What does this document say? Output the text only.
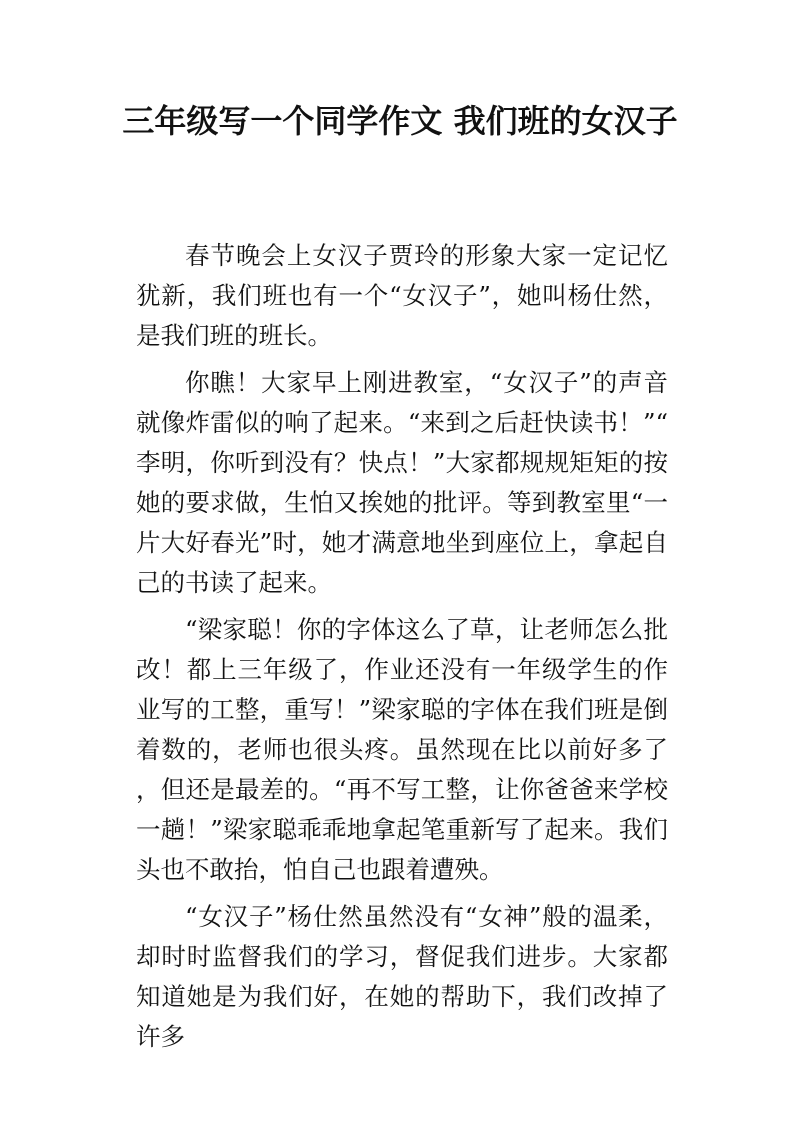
三年级写一个同学作文 我们班的女汉子

春节晚会上女汉子贾玲的形象大家一定记忆犹新，我们班也有一个“女汉子”，她叫杨仕然，是我们班的班长。

你瞧！大家早上刚进教室，“女汉子”的声音就像炸雷似的响了起来。“来到之后赶快读书！”“李明，你听到没有？快点！”大家都规规矩矩的按她的要求做，生怕又挨她的批评。等到教室里“一片大好春光”时，她才满意地坐到座位上，拿起自己的书读了起来。

“梁家聪！你的字体这么了草，让老师怎么批改！都上三年级了，作业还没有一年级学生的作业写的工整，重写！”梁家聪的字体在我们班是倒着数的，老师也很头疼。虽然现在比以前好多了，但还是最差的。“再不写工整，让你爸爸来学校一趟！”梁家聪乖乖地拿起笔重新写了起来。我们头也不敢抬，怕自己也跟着遭殃。

“女汉子”杨仕然虽然没有“女神”般的温柔，却时时监督我们的学习，督促我们进步。大家都知道她是为我们好，在她的帮助下，我们改掉了许多
